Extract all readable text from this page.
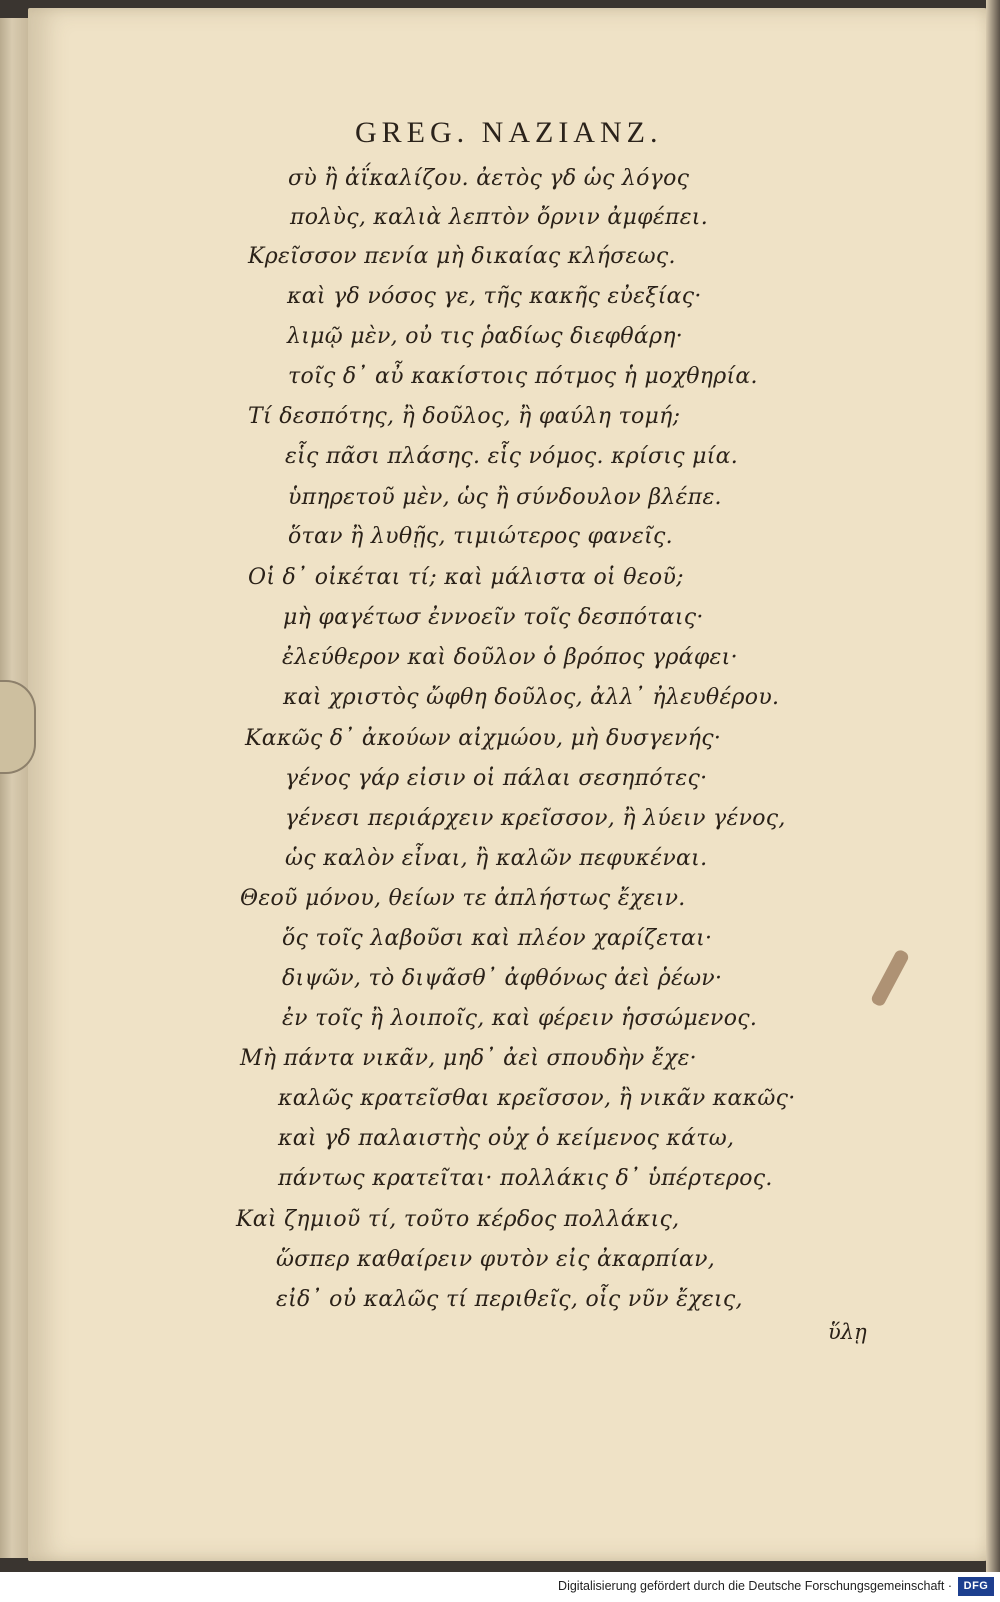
GREG. NAZIANZ.
σὺ ἢ ἀΐκαλίζου. ἀετὸς γδ ὡς λόγος
πολὺς, καλιὰ λεπτὸν ὄρνιν ἀμφέπει.
Κρεῖσσον πενία μὴ δικαίας κλήσεως.
καὶ γδ νόσος γε, τῆς κακῆς εὐεξίας·
λιμῷ μὲν, οὐ τις ῥαδίως διεφθάρη·
τοῖς δ᾽ αὖ κακίστοις πότμος ἡ μοχθηρία.
Τί δεσπότης, ἢ δοῦλος, ἢ φαύλη τομή;
εἷς πᾶσι πλάσης. εἷς νόμος. κρίσις μία.
ὑπηρετοῦ μὲν, ὡς ἢ σύνδουλον βλέπε.
ὅταν ἢ λυθῇς, τιμιώτερος φανεῖς.
Οἱ δ᾽ οἰκέται τί; καὶ μάλιστα οἱ θεοῦ;
μὴ φαγέτωσ ἐννοεῖν τοῖς δεσπόταις·
ἐλεύθερον καὶ δοῦλον ὁ βρόπος γράφει·
καὶ χριστὸς ὤφθη δοῦλος, ἀλλ᾽ ἠλευθέρου.
Κακῶς δ᾽ ἀκούων αἰχμώου, μὴ δυσγενής·
γένος γάρ εἰσιν οἱ πάλαι σεσηπότες·
γένεσι περιάρχειν κρεῖσσον, ἢ λύειν γένος,
ὡς καλὸν εἶναι, ἢ καλῶν πεφυκέναι.
Θεοῦ μόνου, θείων τε ἀπλήστως ἔχειν.
ὅς τοῖς λαβοῦσι καὶ πλέον χαρίζεται·
διψῶν, τὸ διψᾶσθ᾽ ἀφθόνως ἀεὶ ῥέων·
ἐν τοῖς ἢ λοιποῖς, καὶ φέρειν ἡσσώμενος.
Μὴ πάντα νικᾶν, μηδ᾽ ἀεὶ σπουδὴν ἔχε·
καλῶς κρατεῖσθαι κρεῖσσον, ἢ νικᾶν κακῶς·
καὶ γδ παλαιστὴς οὐχ ὁ κείμενος κάτω,
πάντως κρατεῖται· πολλάκις δ᾽ ὑπέρτερος.
Καὶ ζημιοῦ τί, τοῦτο κέρδος πολλάκις,
ὥσπερ καθαίρειν φυτὸν εἰς ἀκαρπίαν,
εἰδ᾽ οὐ καλῶς τί περιθεῖς, οἷς νῦν ἔχεις,
ὕλῃ
Digitalisierung gefördert durch die Deutsche Forschungsgemeinschaft ·	DFG
